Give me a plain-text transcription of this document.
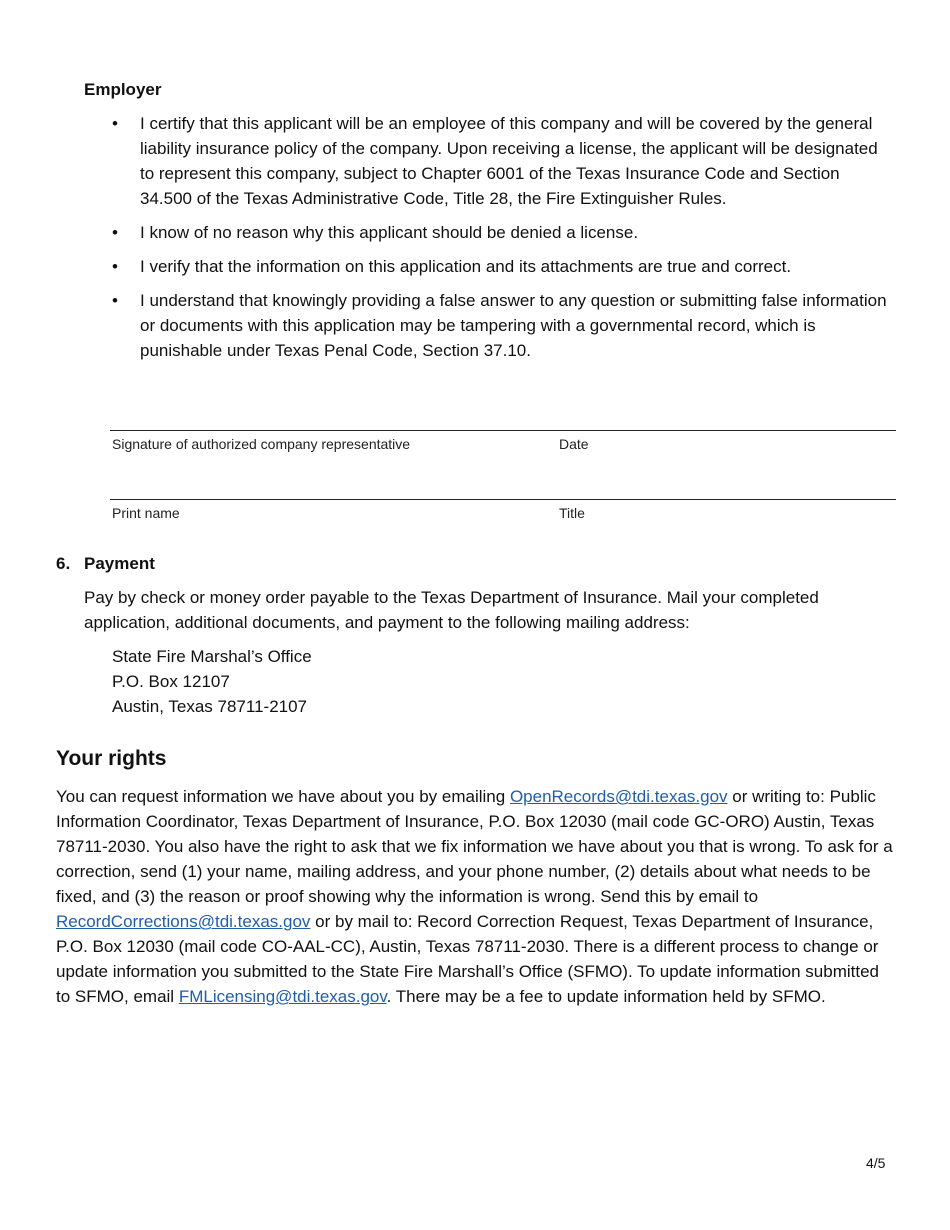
Employer
• I certify that this applicant will be an employee of this company and will be covered by the general liability insurance policy of the company. Upon receiving a license, the applicant will be designated to represent this company, subject to Chapter 6001 of the Texas Insurance Code and Section 34.500 of the Texas Administrative Code, Title 28, the Fire Extinguisher Rules.
• I know of no reason why this applicant should be denied a license.
• I verify that the information on this application and its attachments are true and correct.
• I understand that knowingly providing a false answer to any question or submitting false information or documents with this application may be tampering with a governmental record, which is punishable under Texas Penal Code, Section 37.10.
Signature of authorized company representative	Date
Print name	Title
6. Payment
Pay by check or money order payable to the Texas Department of Insurance. Mail your completed application, additional documents, and payment to the following mailing address:
State Fire Marshal’s Office
P.O. Box 12107
Austin, Texas 78711-2107
Your rights
You can request information we have about you by emailing OpenRecords@tdi.texas.gov or writing to: Public Information Coordinator, Texas Department of Insurance, P.O. Box 12030 (mail code GC-ORO) Austin, Texas 78711-2030. You also have the right to ask that we fix information we have about you that is wrong. To ask for a correction, send (1) your name, mailing address, and your phone number, (2) details about what needs to be fixed, and (3) the reason or proof showing why the information is wrong. Send this by email to RecordCorrections@tdi.texas.gov or by mail to: Record Correction Request, Texas Department of Insurance, P.O. Box 12030 (mail code CO-AAL-CC), Austin, Texas 78711-2030. There is a different process to change or update information you submitted to the State Fire Marshall’s Office (SFMO). To update information submitted to SFMO, email FMLicensing@tdi.texas.gov. There may be a fee to update information held by SFMO.
4/5
